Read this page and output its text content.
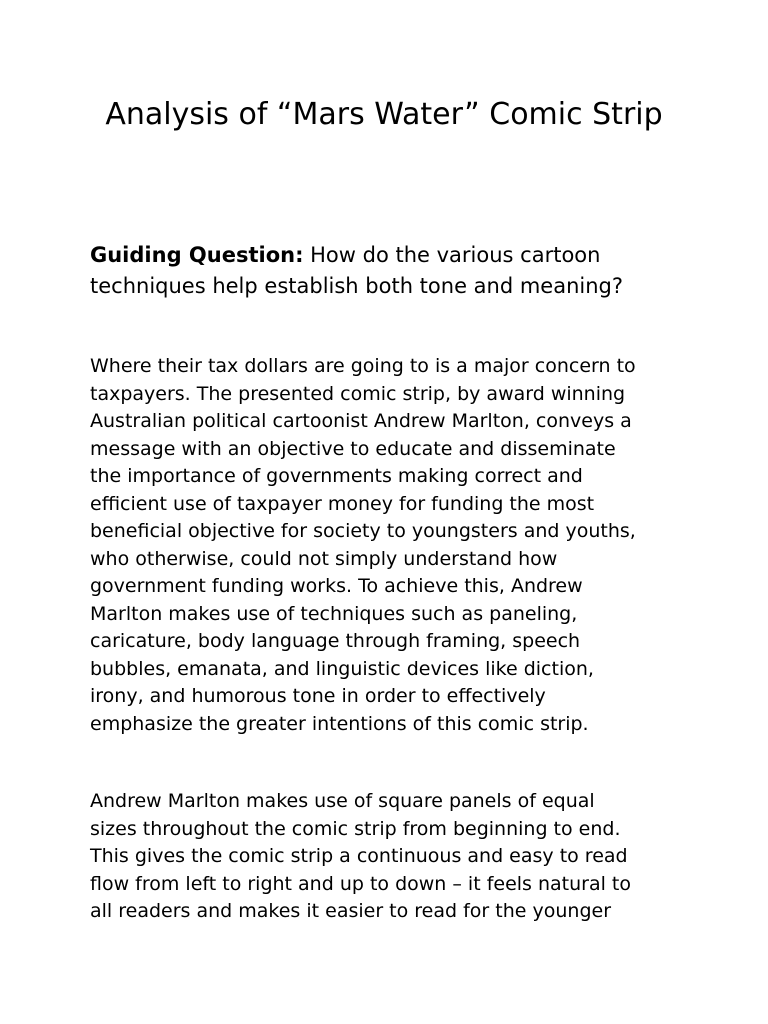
Analysis of “Mars Water” Comic Strip

Guiding Question: How do the various cartoon techniques help establish both tone and meaning?

Where their tax dollars are going to is a major concern to
taxpayers. The presented comic strip, by award winning
Australian political cartoonist Andrew Marlton, conveys a
message with an objective to educate and disseminate
the importance of governments making correct and
efficient use of taxpayer money for funding the most
beneficial objective for society to youngsters and youths,
who otherwise, could not simply understand how
government funding works. To achieve this, Andrew
Marlton makes use of techniques such as paneling,
caricature, body language through framing, speech
bubbles, emanata, and linguistic devices like diction,
irony, and humorous tone in order to effectively
emphasize the greater intentions of this comic strip.

Andrew Marlton makes use of square panels of equal
sizes throughout the comic strip from beginning to end.
This gives the comic strip a continuous and easy to read
flow from left to right and up to down – it feels natural to
all readers and makes it easier to read for the younger
